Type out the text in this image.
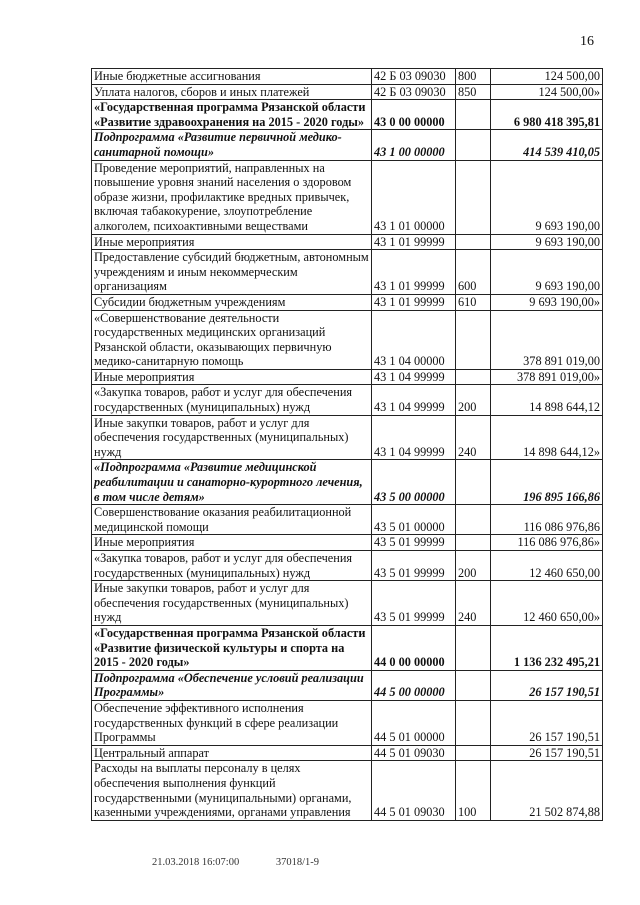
16
Иные бюджетные ассигнования	42 Б 03 09030	800	124 500,00
Уплата налогов, сборов и иных платежей	42 Б 03 09030	850	124 500,00»
«Государственная программа Рязанской области «Развитие здравоохранения на 2015 - 2020 годы»	43 0 00 00000		6 980 418 395,81
Подпрограмма «Развитие первичной медико-санитарной помощи»	43 1 00 00000		414 539 410,05
Проведение мероприятий, направленных на повышение уровня знаний населения о здоровом образе жизни, профилактике вредных привычек, включая табакокурение, злоупотребление алкоголем, психоактивными веществами	43 1 01 00000		9 693 190,00
Иные мероприятия	43 1 01 99999		9 693 190,00
Предоставление субсидий бюджетным, автономным учреждениям и иным некоммерческим организациям	43 1 01 99999	600	9 693 190,00
Субсидии бюджетным учреждениям	43 1 01 99999	610	9 693 190,00»
«Совершенствование деятельности государственных медицинских организаций Рязанской области, оказывающих первичную медико-санитарную помощь	43 1 04 00000		378 891 019,00
Иные мероприятия	43 1 04 99999		378 891 019,00»
«Закупка товаров, работ и услуг для обеспечения государственных (муниципальных) нужд	43 1 04 99999	200	14 898 644,12
Иные закупки товаров, работ и услуг для обеспечения государственных (муниципальных) нужд	43 1 04 99999	240	14 898 644,12»
«Подпрограмма «Развитие медицинской реабилитации и санаторно-курортного лечения, в том числе детям»	43 5 00 00000		196 895 166,86
Совершенствование оказания реабилитационной медицинской помощи	43 5 01 00000		116 086 976,86
Иные мероприятия	43 5 01 99999		116 086 976,86»
«Закупка товаров, работ и услуг для обеспечения государственных (муниципальных) нужд	43 5 01 99999	200	12 460 650,00
Иные закупки товаров, работ и услуг для обеспечения государственных (муниципальных) нужд	43 5 01 99999	240	12 460 650,00»
«Государственная программа Рязанской области «Развитие физической культуры и спорта на 2015 - 2020 годы»	44 0 00 00000		1 136 232 495,21
Подпрограмма «Обеспечение условий реализации Программы»	44 5 00 00000		26 157 190,51
Обеспечение эффективного исполнения государственных функций в сфере реализации Программы	44 5 01 00000		26 157 190,51
Центральный аппарат	44 5 01 09030		26 157 190,51
Расходы на выплаты персоналу в целях обеспечения выполнения функций государственными (муниципальными) органами, казенными учреждениями, органами управления	44 5 01 09030	100	21 502 874,88
21.03.2018 16:07:00	37018/1-9
